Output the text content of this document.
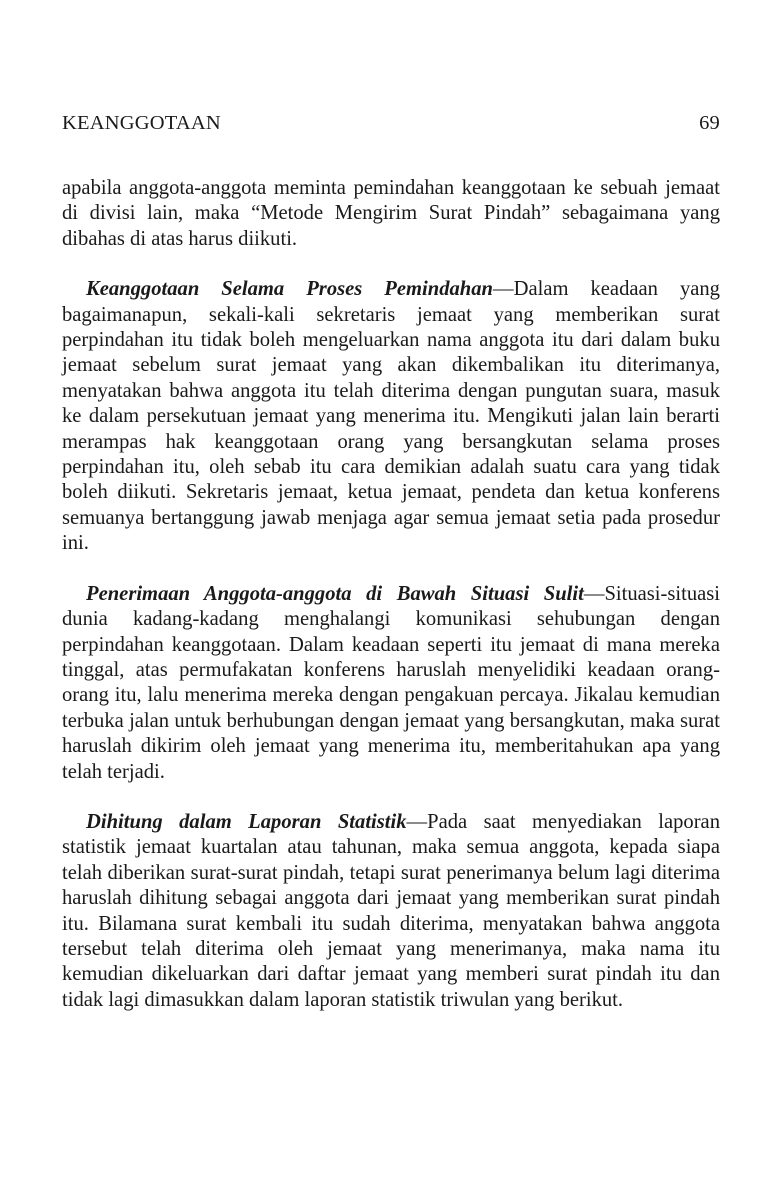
KEANGGOTAAN	69

apabila anggota-anggota meminta pemindahan keanggotaan ke sebuah jemaat di divisi lain, maka “Metode Mengirim Surat Pindah” sebagaimana yang dibahas di atas harus diikuti.

Keanggotaan Selama Proses Pemindahan—Dalam keadaan yang bagaimanapun, sekali-kali sekretaris jemaat yang memberikan surat perpindahan itu tidak boleh mengeluarkan nama anggota itu dari dalam buku jemaat sebelum surat jemaat yang akan dikembalikan itu diterimanya, menyatakan bahwa anggota itu telah diterima dengan pungutan suara, masuk ke dalam persekutuan jemaat yang menerima itu. Mengikuti jalan lain berarti merampas hak keanggotaan orang yang bersangkutan selama proses perpindahan itu, oleh sebab itu cara demikian adalah suatu cara yang tidak boleh diikuti. Sekretaris jemaat, ketua jemaat, pendeta dan ketua konferens semuanya bertanggung jawab menjaga agar semua jemaat setia pada prosedur ini.

Penerimaan Anggota-anggota di Bawah Situasi Sulit—Situasi-situasi dunia kadang-kadang menghalangi komunikasi sehubungan dengan perpindahan keanggotaan. Dalam keadaan seperti itu jemaat di mana mereka tinggal, atas permufakatan konferens haruslah menyelidiki keadaan orang-orang itu, lalu menerima mereka dengan pengakuan percaya. Jikalau kemudian terbuka jalan untuk berhubungan dengan jemaat yang bersangkutan, maka surat haruslah dikirim oleh jemaat yang menerima itu, memberitahukan apa yang telah terjadi.

Dihitung dalam Laporan Statistik—Pada saat menyediakan laporan statistik jemaat kuartalan atau tahunan, maka semua anggota, kepada siapa telah diberikan surat-surat pindah, tetapi surat penerimanya belum lagi diterima haruslah dihitung sebagai anggota dari jemaat yang memberikan surat pindah itu. Bilamana surat kembali itu sudah diterima, menyatakan bahwa anggota tersebut telah diterima oleh jemaat yang menerimanya, maka nama itu kemudian dikeluarkan dari daftar jemaat yang memberi surat pindah itu dan tidak lagi dimasukkan dalam laporan statistik triwulan yang berikut.
